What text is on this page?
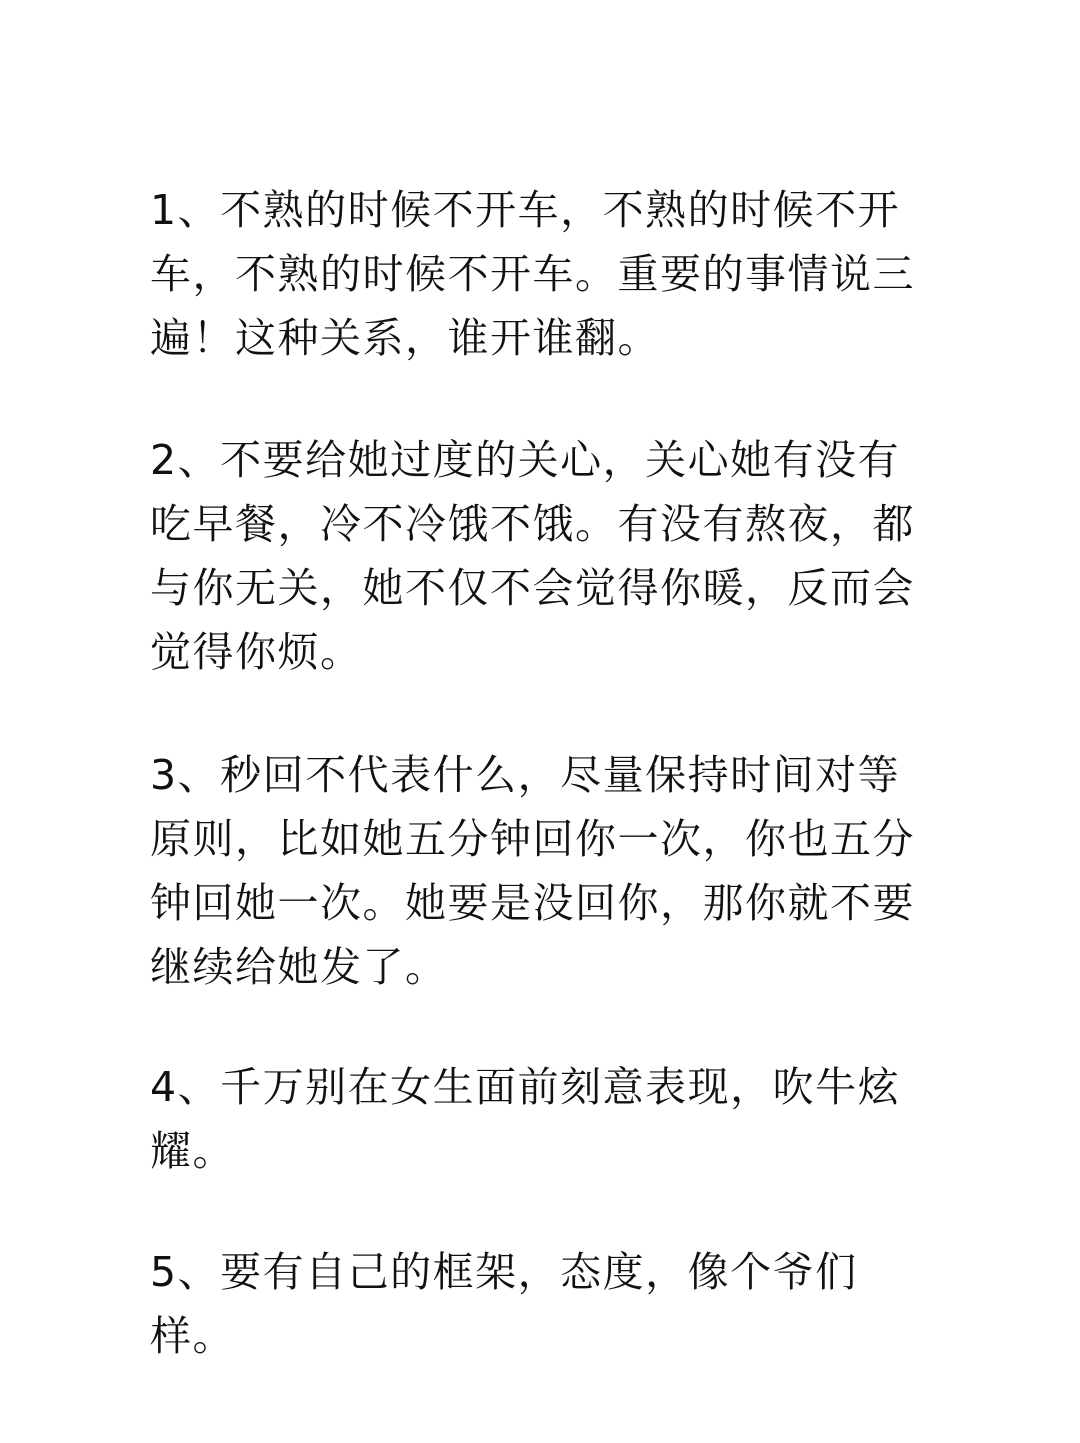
1、不熟的时候不开车，不熟的时候不开车，不熟的时候不开车。重要的事情说三遍！这种关系，谁开谁翻。

2、不要给她过度的关心，关心她有没有吃早餐，冷不冷饿不饿。有没有熬夜，都与你无关，她不仅不会觉得你暖，反而会觉得你烦。

3、秒回不代表什么，尽量保持时间对等原则，比如她五分钟回你一次，你也五分钟回她一次。她要是没回你，那你就不要继续给她发了。

4、千万别在女生面前刻意表现，吹牛炫耀。

5、要有自己的框架，态度，像个爷们样。
